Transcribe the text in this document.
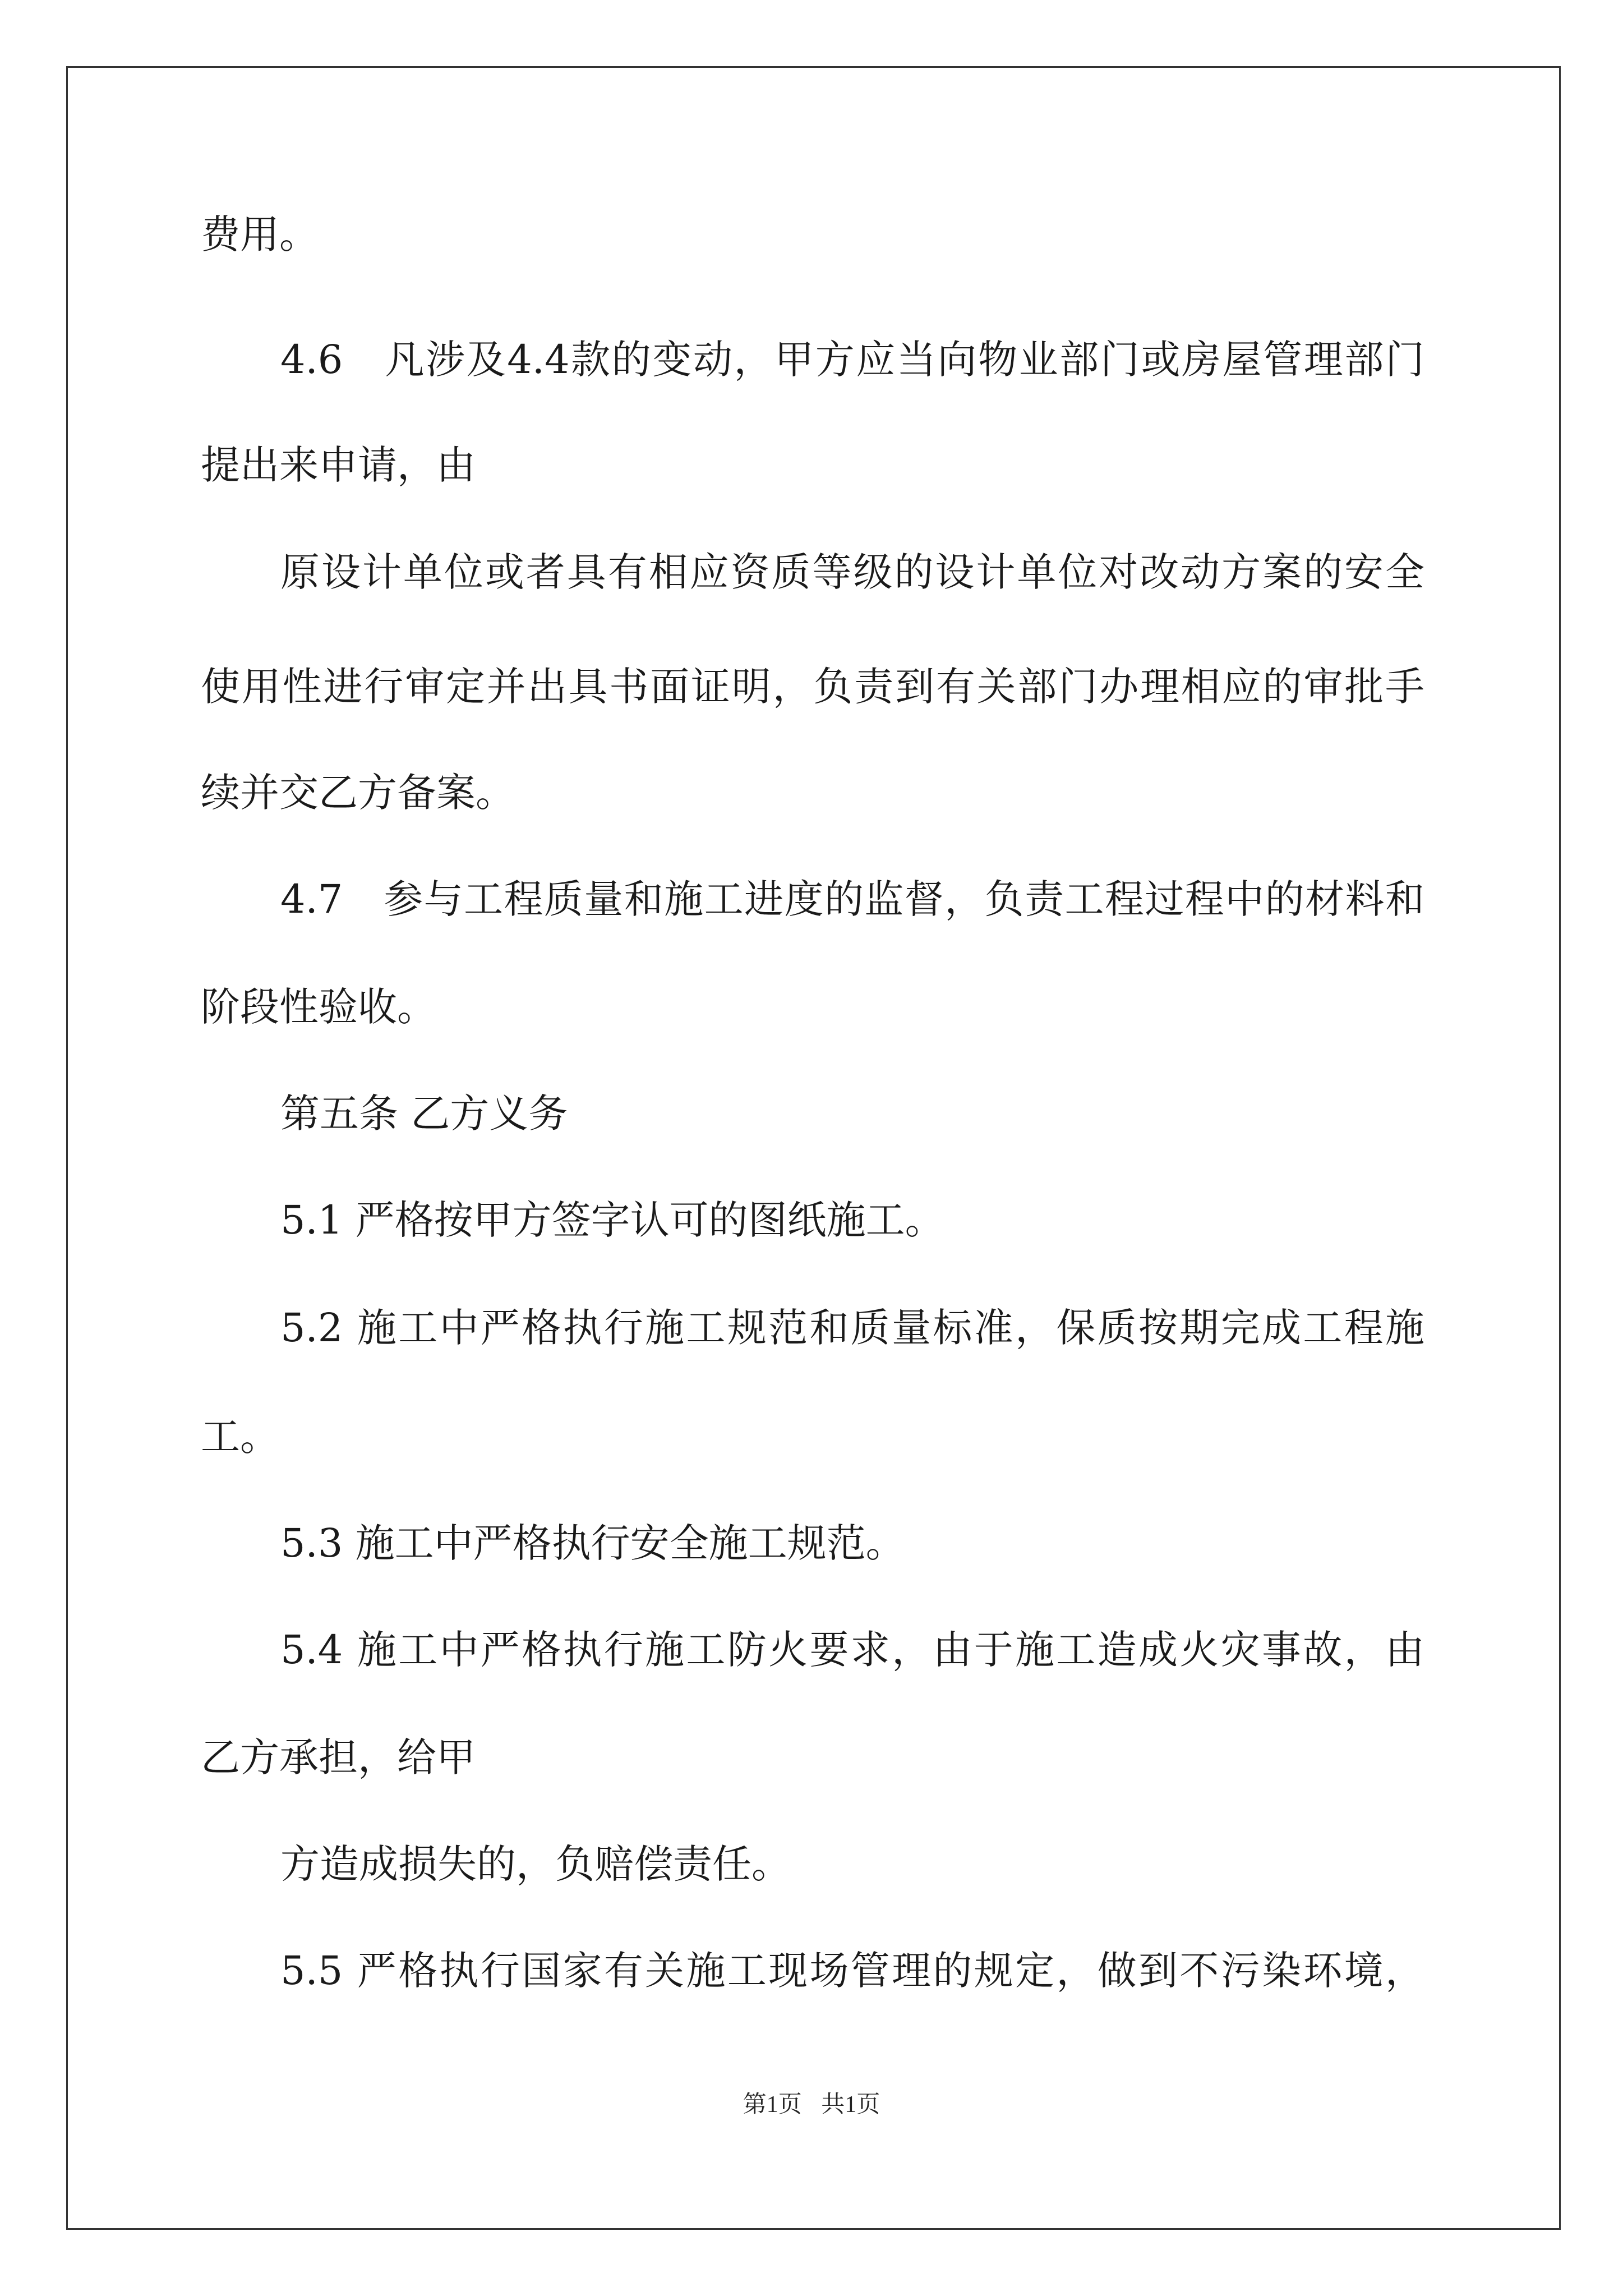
费用。
4.6　凡涉及4.4款的变动，甲方应当向物业部门或房屋管理部门
提出来申请，由
原设计单位或者具有相应资质等级的设计单位对改动方案的安全
使用性进行审定并出具书面证明，负责到有关部门办理相应的审批手
续并交乙方备案。
4.7　参与工程质量和施工进度的监督，负责工程过程中的材料和
阶段性验收。
第五条 乙方义务
5.1 严格按甲方签字认可的图纸施工。
5.2 施工中严格执行施工规范和质量标准，保质按期完成工程施
工。
5.3 施工中严格执行安全施工规范。
5.4 施工中严格执行施工防火要求，由于施工造成火灾事故，由
乙方承担，给甲
方造成损失的，负赔偿责任。
5.5 严格执行国家有关施工现场管理的规定，做到不污染环境，
第1页 共1页
